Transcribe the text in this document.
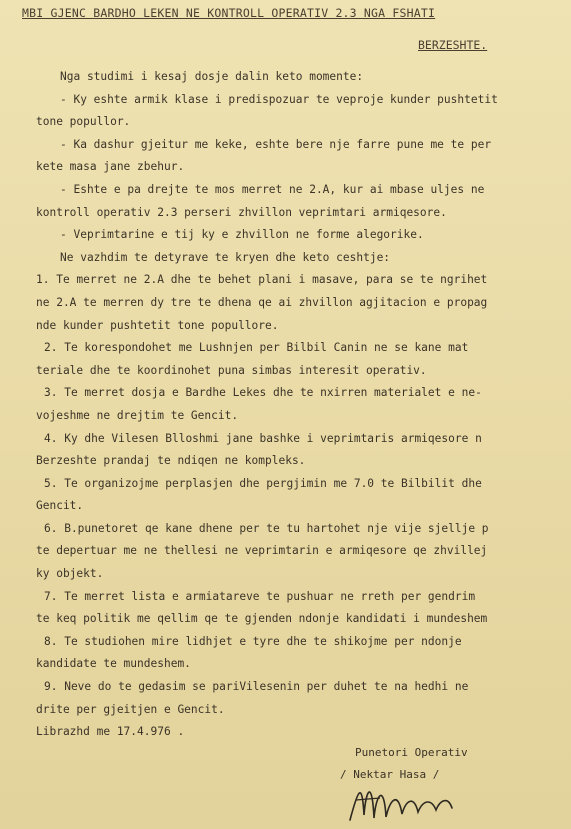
MBI GJENC BARDHO LEKEN NE KONTROLL OPERATIV 2.3 NGA FSHATI
BERZESHTE.
Nga studimi i kesaj dosje dalin keto momente:
- Ky eshte armik klase i predispozuar te veproje kunder pushtetit
tone popullor.
- Ka dashur gjeitur me keke, eshte bere nje farre pune me te per
kete masa jane zbehur.
- Eshte e pa drejte te mos merret ne 2.A, kur ai mbase uljes ne
kontroll operativ 2.3 perseri zhvillon veprimtari armiqesore.
- Veprimtarine e tij ky e zhvillon ne forme alegorike.
Ne vazhdim te detyrave te kryen dhe keto ceshtje:
1. Te merret ne 2.A dhe te behet plani i masave, para se te ngrihet
ne 2.A te merren dy tre te dhena qe ai zhvillon agjitacion e propag
nde kunder pushtetit tone popullore.
2. Te korespondohet me Lushnjen per Bilbil Canin ne se kane mat
teriale dhe te koordinohet puna simbas interesit operativ.
3. Te merret dosja e Bardhe Lekes dhe te nxirren materialet e ne-
vojeshme ne drejtim te Gencit.
4. Ky dhe Vilesen Blloshmi jane bashke i veprimtaris armiqesore n
Berzeshte prandaj te ndiqen ne kompleks.
5. Te organizojme perplasjen dhe pergjimin me 7.0 te Bilbilit dhe
Gencit.
6. B.punetoret qe kane dhene per te tu hartohet nje vije sjellje p
te depertuar me ne thellesi ne veprimtarin e armiqesore qe zhvillej
ky objekt.
7. Te merret lista e armiatareve te pushuar ne rreth per gendrim
te keq politik me qellim qe te gjenden ndonje kandidati i mundeshem
8. Te studiohen mire lidhjet e tyre dhe te shikojme per ndonje
kandidate te mundeshem.
9. Neve do te gedasim se pariVilesenin per duhet te na hedhi ne
drite per gjeitjen e Gencit.
Librazhd me 17.4.976 .
Punetori Operativ
/ Nektar Hasa /
